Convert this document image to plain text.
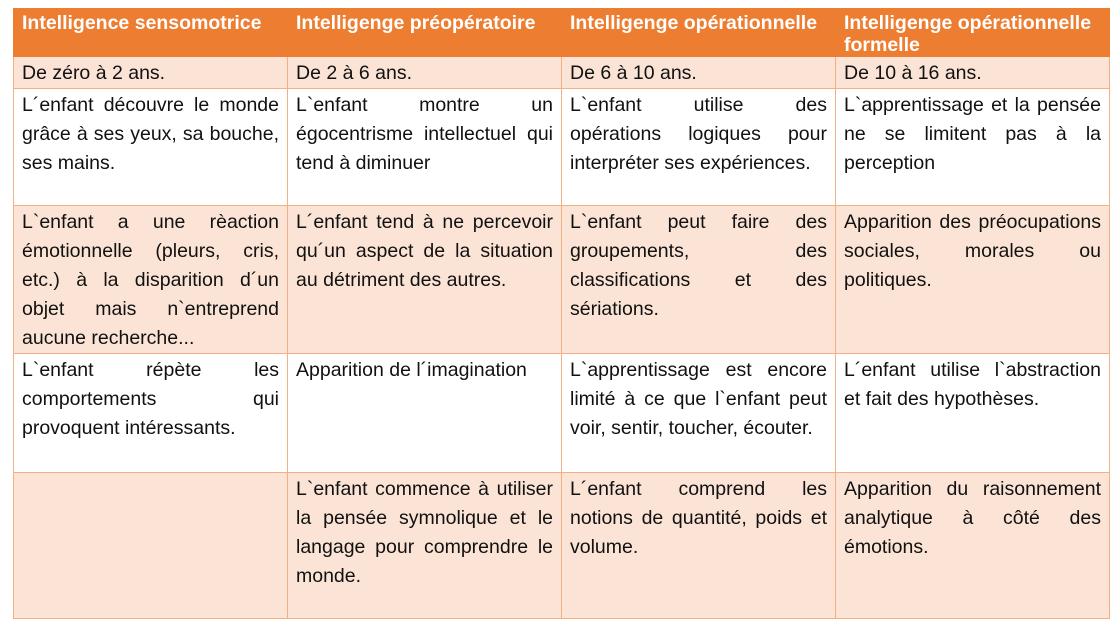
Intelligence sensomotrice	Intelligenge préopératoire	Intelligenge opérationnelle	Intelligenge opérationnelle formelle
De zéro à 2 ans.	De 2 à 6 ans.	De 6 à 10 ans.	De 10 à 16 ans.
L´enfant découvre le monde grâce à ses yeux, sa bouche, ses mains.	L`enfant montre un égocentrisme intellectuel qui tend à diminuer	L`enfant utilise des opérations logiques pour interpréter ses expériences.	L`apprentissage et la pensée ne se limitent pas à la perception
L`enfant a une rèaction émotionnelle (pleurs, cris, etc.) à la disparition d´un objet mais n`entreprend aucune recherche...	L´enfant tend à ne percevoir qu´un aspect de la situation au détriment des autres.	L`enfant peut faire des groupements, des classifications et des sériations.	Apparition des préocupations sociales, morales ou politiques.
L`enfant répète les comportements qui provoquent intéressants.	Apparition de l´imagination	L`apprentissage est encore limité à ce que l`enfant peut voir, sentir, toucher, écouter.	L´enfant utilise l`abstraction et fait des hypothèses.
	L`enfant commence à utiliser la pensée symnolique et le langage pour comprendre le monde.	L´enfant comprend les notions de quantité, poids et volume.	Apparition du raisonnement analytique à côté des émotions.
